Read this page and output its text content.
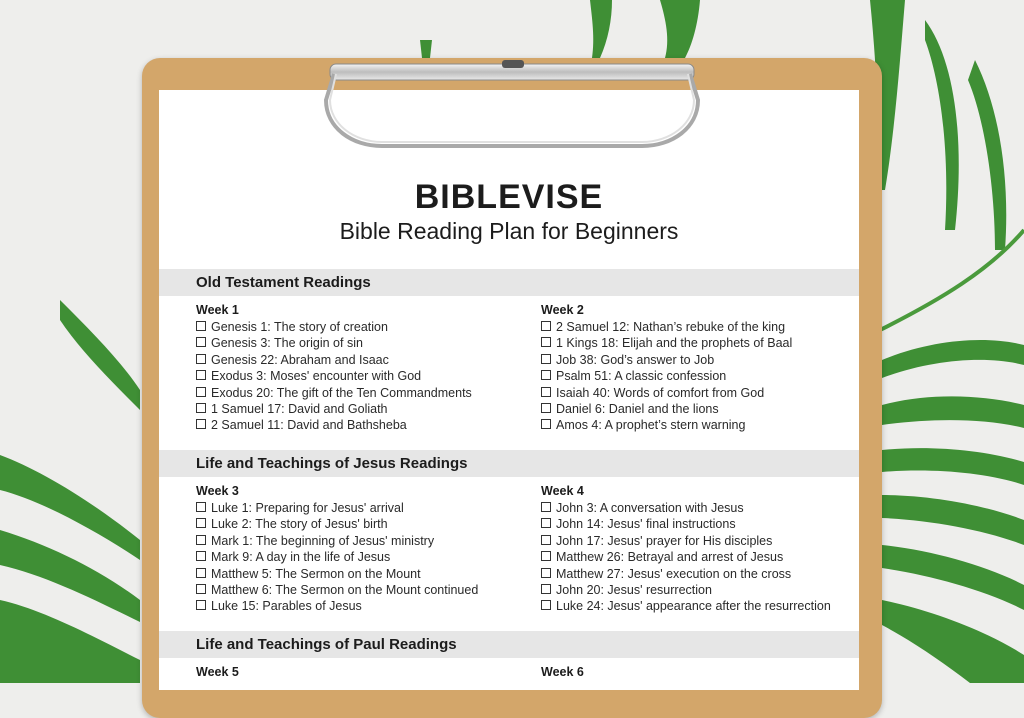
BIBLEVISE
Bible Reading Plan for Beginners
Old Testament Readings
Week 1
Genesis 1: The story of creation
Genesis 3: The origin of sin
Genesis 22: Abraham and Isaac
Exodus 3: Moses' encounter with God
Exodus 20: The gift of the Ten Commandments
1 Samuel 17: David and Goliath
2 Samuel 11: David and Bathsheba
Week 2
2 Samuel 12: Nathan’s rebuke of the king
1 Kings 18: Elijah and the prophets of Baal
Job 38: God’s answer to Job
Psalm 51: A classic confession
Isaiah 40: Words of comfort from God
Daniel 6: Daniel and the lions
Amos 4: A prophet’s stern warning
Life and Teachings of Jesus Readings
Week 3
Luke 1: Preparing for Jesus' arrival
Luke 2: The story of Jesus' birth
Mark 1: The beginning of Jesus' ministry
Mark 9: A day in the life of Jesus
Matthew 5: The Sermon on the Mount
Matthew 6: The Sermon on the Mount continued
Luke 15: Parables of Jesus
Week 4
John 3: A conversation with Jesus
John 14: Jesus' final instructions
John 17: Jesus' prayer for His disciples
Matthew 26: Betrayal and arrest of Jesus
Matthew 27: Jesus' execution on the cross
John 20: Jesus' resurrection
Luke 24: Jesus' appearance after the resurrection
Life and Teachings of Paul Readings
Week 5	Week 6
